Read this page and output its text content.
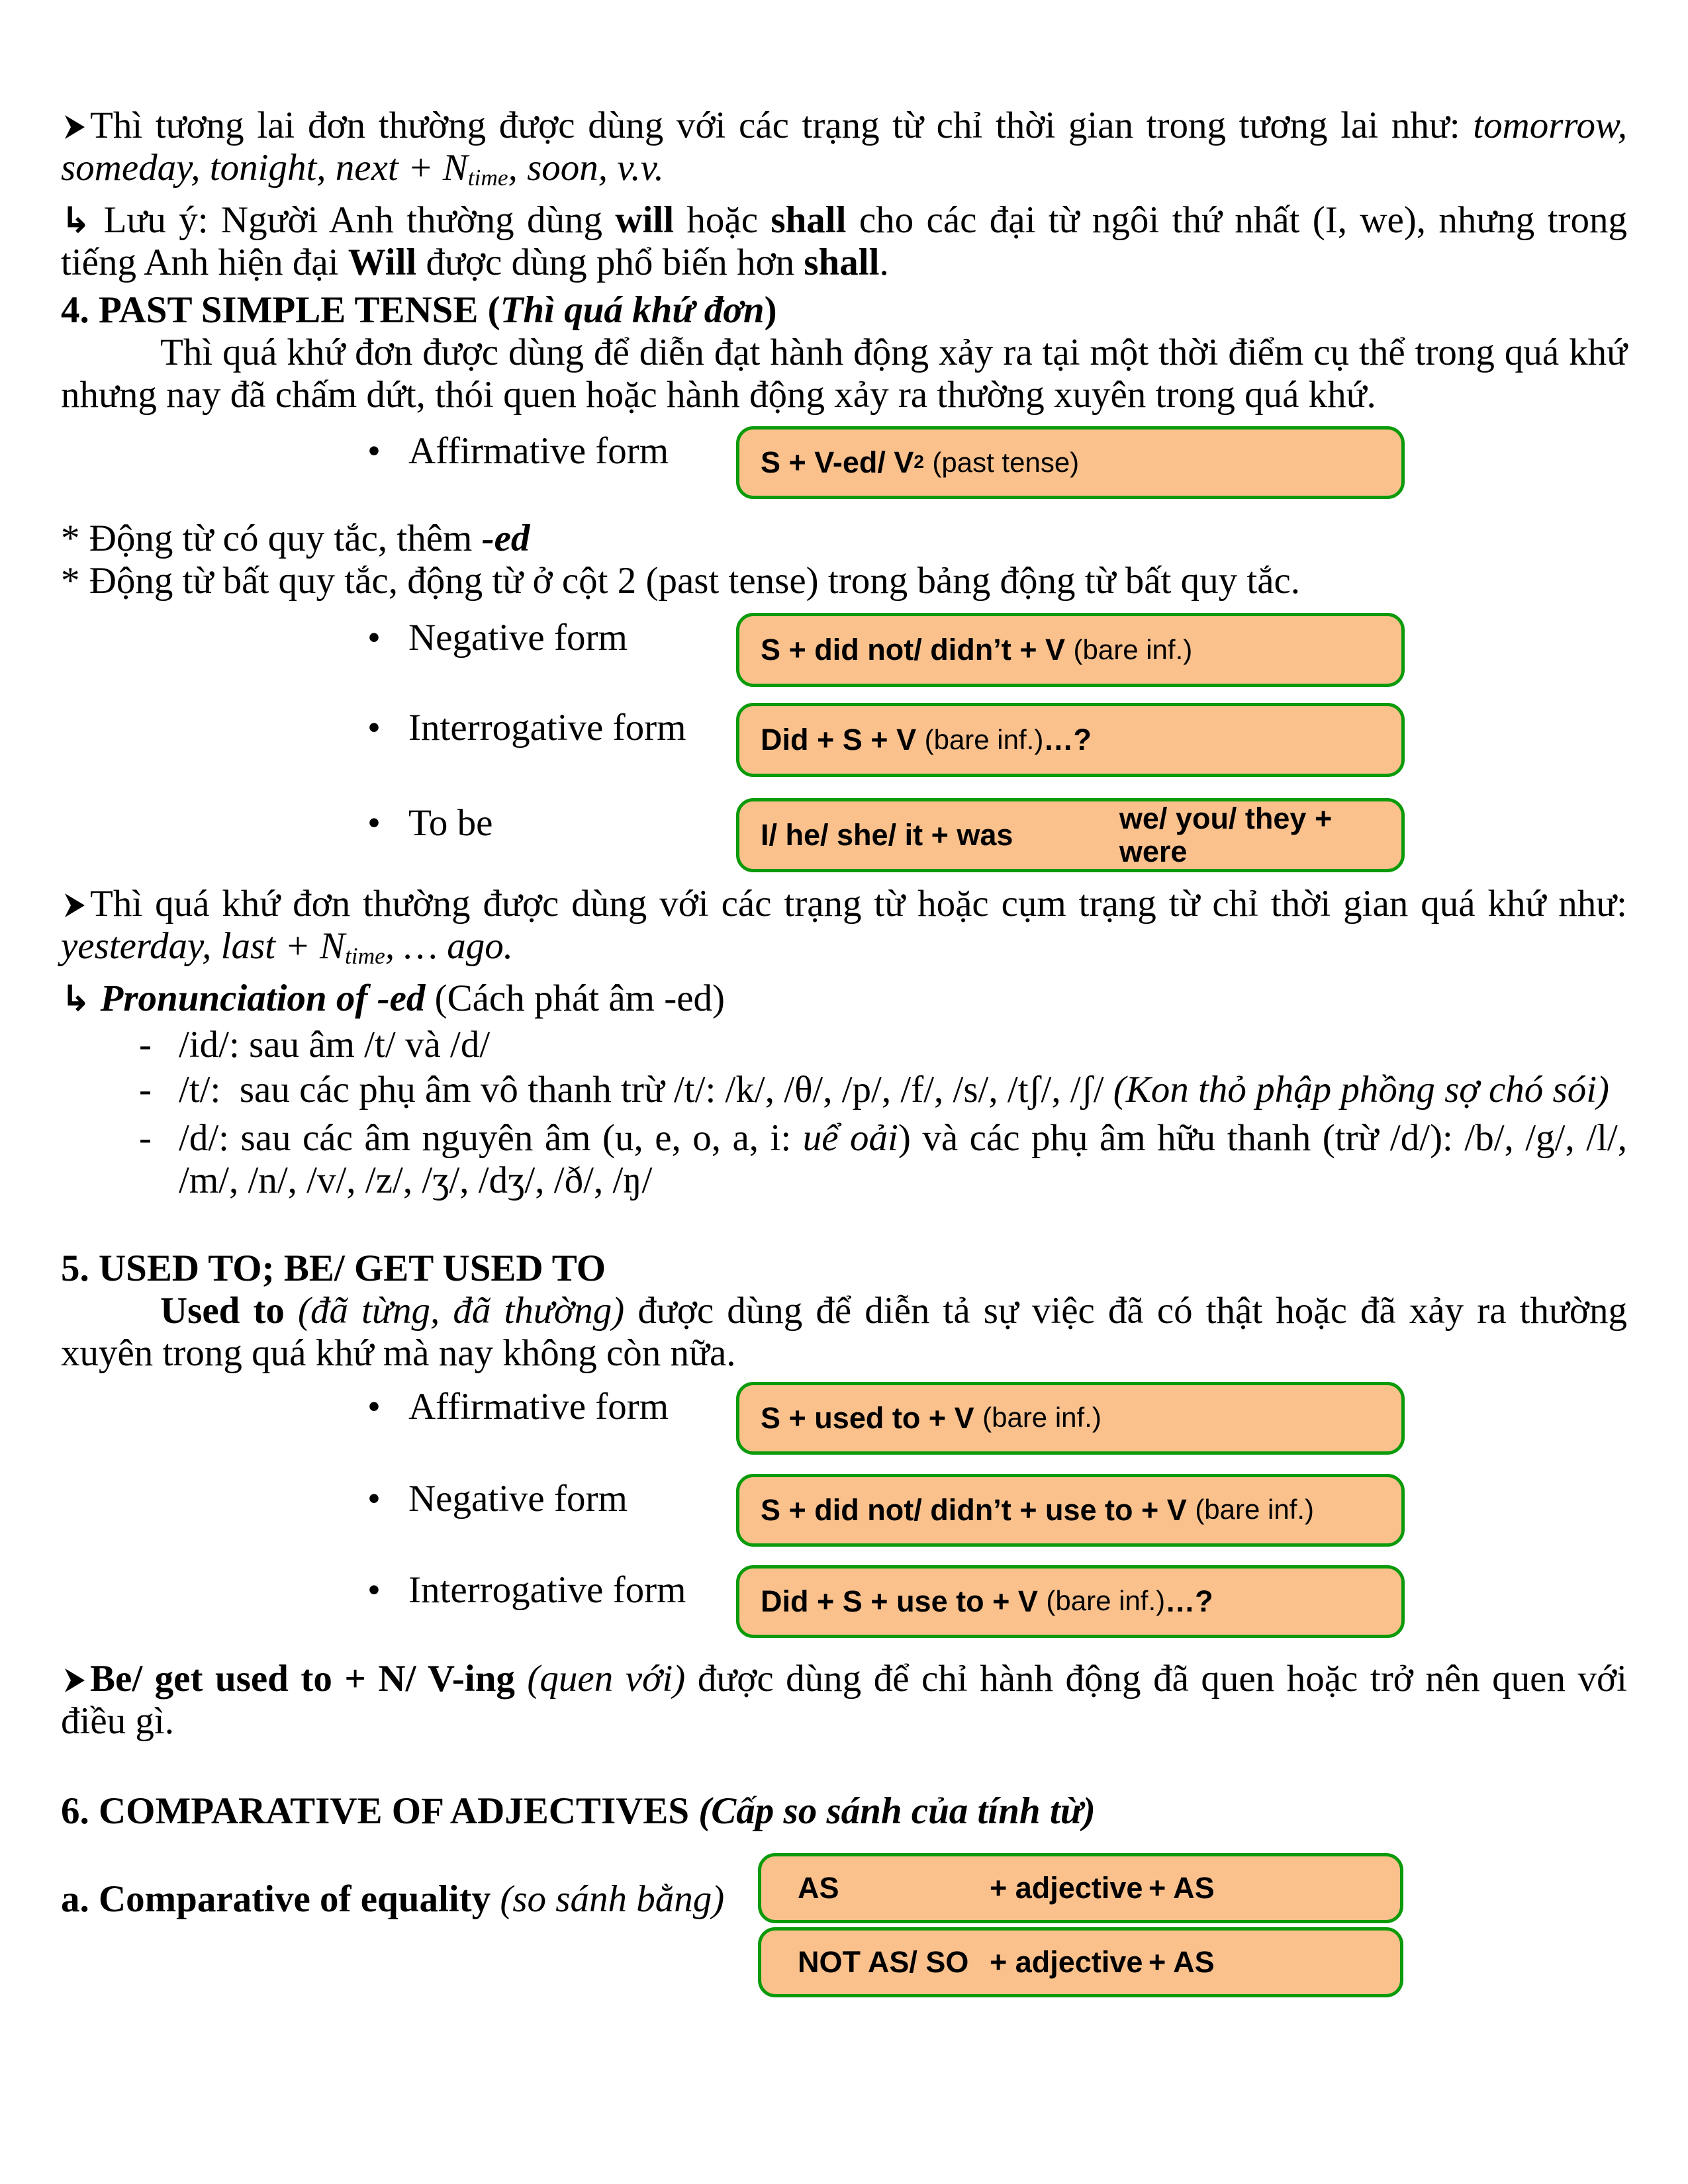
Thì tương lai đơn thường được dùng với các trạng từ chỉ thời gian trong tương lai như: tomorrow, someday, tonight, next + $N_{time}$, soon, v.v.

↳ Lưu ý: Người Anh thường dùng will hoặc shall cho các đại từ ngôi thứ nhất (I, we), nhưng trong tiếng Anh hiện đại Will được dùng phổ biến hơn shall.

4. PAST SIMPLE TENSE (Thì quá khứ đơn)

Thì quá khứ đơn được dùng để diễn đạt hành động xảy ra tại một thời điểm cụ thể trong quá khứ nhưng nay đã chấm dứt, thói quen hoặc hành động xảy ra thường xuyên trong quá khứ.

• Affirmative form	S + V-ed/ V 2
(past tense)

* Động từ có quy tắc, thêm -ed

* Động từ bất quy tắc, động từ ở cột 2 (past tense) trong bảng động từ bất quy tắc.

• Negative form	S + did not/ didn’t + V (bare inf.)
• Interrogative form	Did + S + V (bare inf.) …?
• To be	I/ he/ she/ it + was	we/ you/ they + were

Thì quá khứ đơn thường được dùng với các trạng từ hoặc cụm trạng từ chỉ thời gian quá khứ như: yesterday, last + $N_{time}$, … ago.

↳ Pronunciation of -ed (Cách phát âm -ed)

- /id/: sau âm /t/ và /d/
- /t/:  sau các phụ âm vô thanh trừ /t/: /k/, /θ/, /p/, /f/, /s/, /tʃ/, /ʃ/ (Kon thỏ phập phồng sợ chó sói)
- /d/: sau các âm nguyên âm (u, e, o, a, i: uể oải) và các phụ âm hữu thanh (trừ /d/): /b/, /g/, /l/, /m/, /n/, /v/, /z/, /ʒ/, /dʒ/, /ð/, /ŋ/

5. USED TO; BE/ GET USED TO

Used to (đã từng, đã thường) được dùng để diễn tả sự việc đã có thật hoặc đã xảy ra thường xuyên trong quá khứ mà nay không còn nữa.

• Affirmative form	S + used to + V (bare inf.)
• Negative form	S + did not/ didn’t + use to + V (bare inf.)
• Interrogative form	Did + S + use to + V (bare inf.) …?

Be/ get used to + N/ V-ing (quen với) được dùng để chỉ hành động đã quen hoặc trở nên quen với điều gì.

6. COMPARATIVE OF ADJECTIVES (Cấp so sánh của tính từ)

a. Comparative of equality (so sánh bằng)	AS	+ adjective + AS
NOT AS/ SO + adjective + AS
